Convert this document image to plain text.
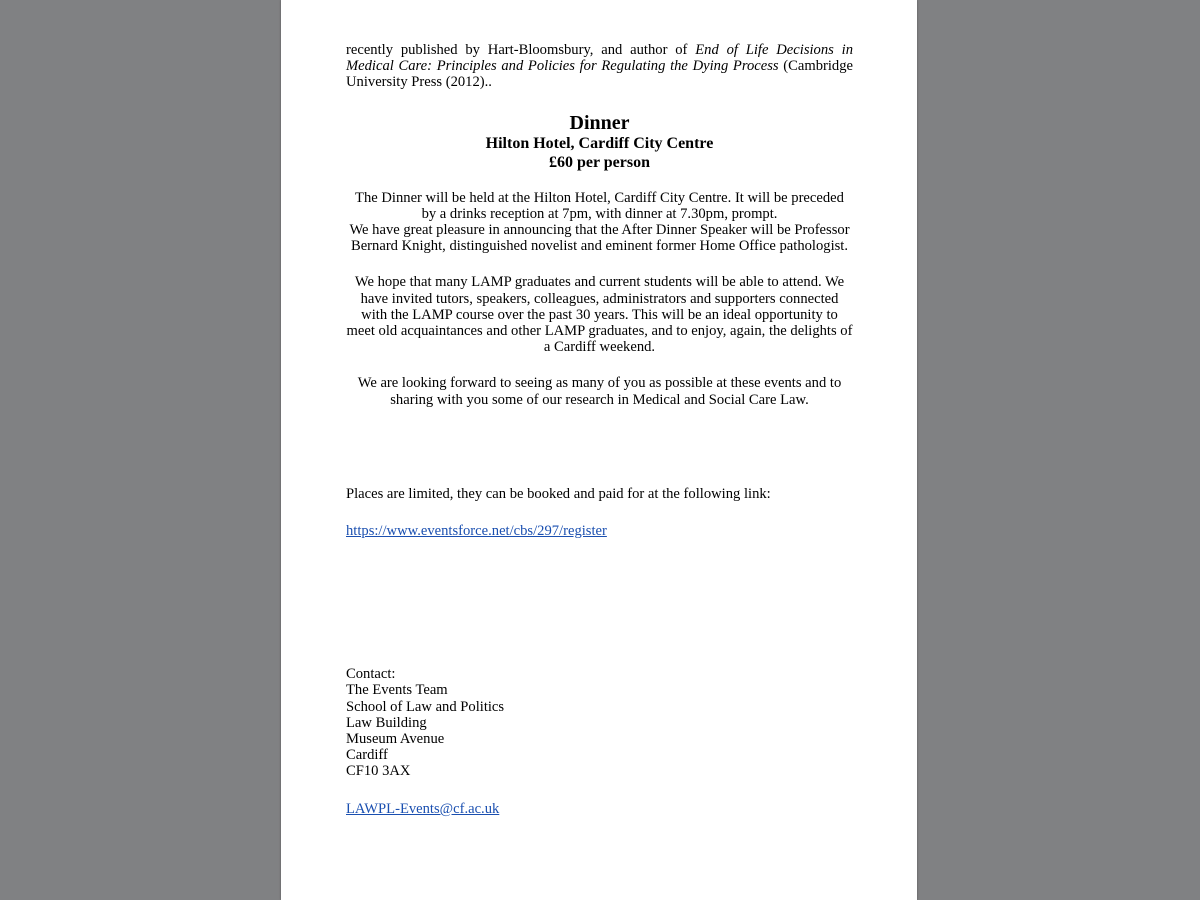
recently published by Hart-Bloomsbury, and author of End of Life Decisions in Medical Care: Principles and Policies for Regulating the Dying Process (Cambridge University Press (2012)..

Dinner
Hilton Hotel, Cardiff City Centre
£60 per person

The Dinner will be held at the Hilton Hotel, Cardiff City Centre. It will be preceded by a drinks reception at 7pm, with dinner at 7.30pm, prompt.

We have great pleasure in announcing that the After Dinner Speaker will be Professor Bernard Knight, distinguished novelist and eminent former Home Office pathologist.

We hope that many LAMP graduates and current students will be able to attend. We have invited tutors, speakers, colleagues, administrators and supporters connected with the LAMP course over the past 30 years. This will be an ideal opportunity to meet old acquaintances and other LAMP graduates, and to enjoy, again, the delights of a Cardiff weekend.

We are looking forward to seeing as many of you as possible at these events and to sharing with you some of our research in Medical and Social Care Law.

Places are limited, they can be booked and paid for at the following link:

https://www.eventsforce.net/cbs/297/register

Contact:
The Events Team
School of Law and Politics
Law Building
Museum Avenue
Cardiff
CF10 3AX

LAWPL-Events@cf.ac.uk
